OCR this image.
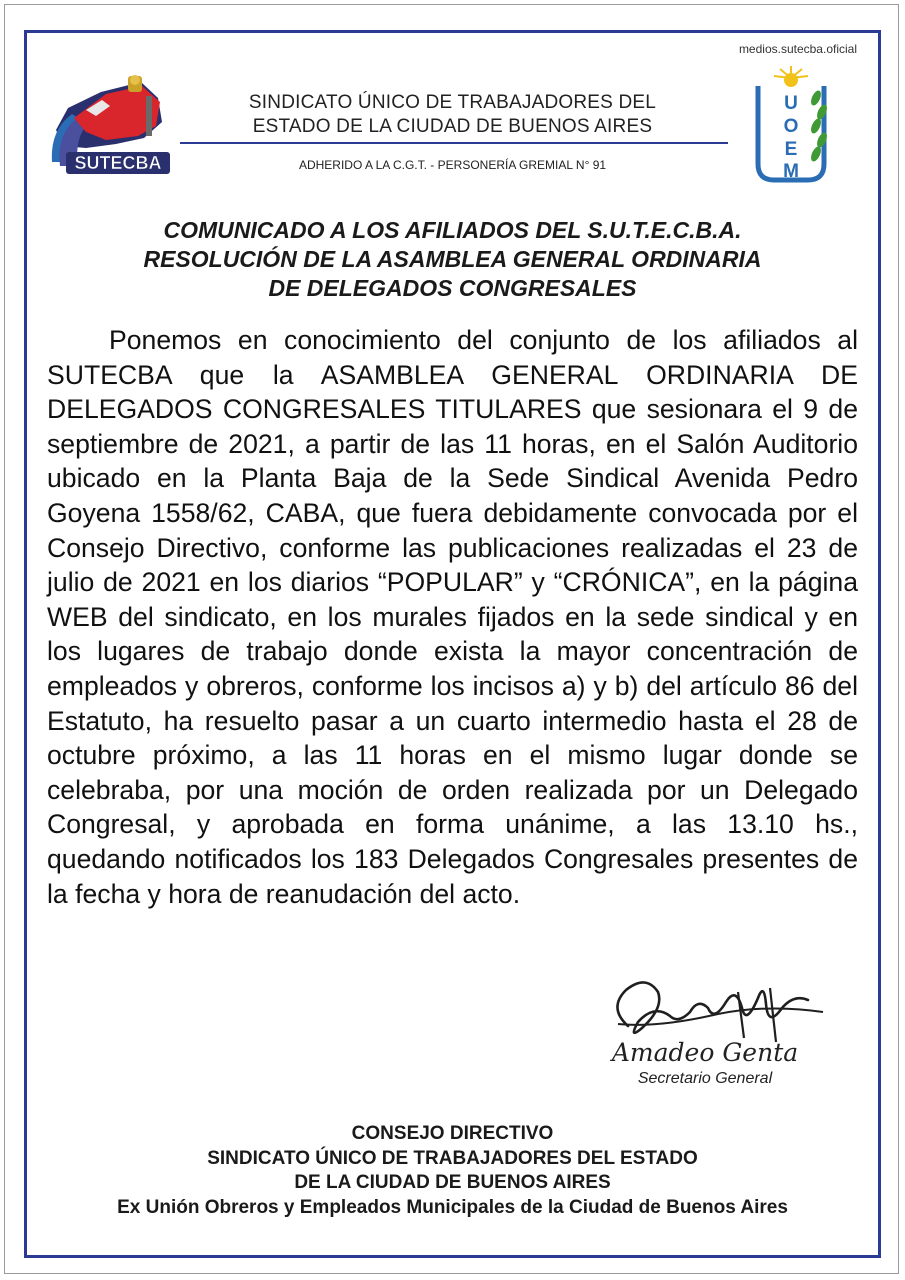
medios.sutecba.oficial
SUTECBA
SINDICATO ÚNICO DE TRABAJADORES DEL
ESTADO DE LA CIUDAD DE BUENOS AIRES
ADHERIDO A LA C.G.T. - PERSONERÍA GREMIAL N° 91
U
O
E
M
COMUNICADO A LOS AFILIADOS DEL S.U.T.E.C.B.A.
RESOLUCIÓN DE LA ASAMBLEA GENERAL ORDINARIA
DE DELEGADOS CONGRESALES
Ponemos en conocimiento del conjunto de los afiliados al SUTECBA que la ASAMBLEA GENERAL ORDINARIA DE DELEGADOS CONGRESALES TITULARES que sesionara el 9 de septiembre de 2021, a partir de las 11 horas, en el Salón Auditorio ubicado en la Planta Baja de la Sede Sindical Avenida Pedro Goyena 1558/62, CABA, que fuera debidamente convocada por el Consejo Directivo, conforme las publicaciones realizadas el 23 de julio de 2021 en los diarios “POPULAR” y “CRÓNICA”, en la página WEB del sindicato, en los murales fijados en la sede sindical y en los lugares de trabajo donde exista la mayor concentración de empleados y obreros, conforme los incisos a) y b) del artículo 86 del Estatuto, ha resuelto pasar a un cuarto intermedio hasta el 28 de octubre próximo, a las 11 horas en el mismo lugar donde se celebraba, por una moción de orden realizada por un Delegado Congresal, y aprobada en forma unánime, a las 13.10 hs., quedando notificados los 183 Delegados Congresales presentes de la fecha y hora de reanudación del acto.
Amadeo Genta
Secretario General
CONSEJO DIRECTIVO
SINDICATO ÚNICO DE TRABAJADORES DEL ESTADO
DE LA CIUDAD DE BUENOS AIRES
Ex Unión Obreros y Empleados Municipales de la Ciudad de Buenos Aires
